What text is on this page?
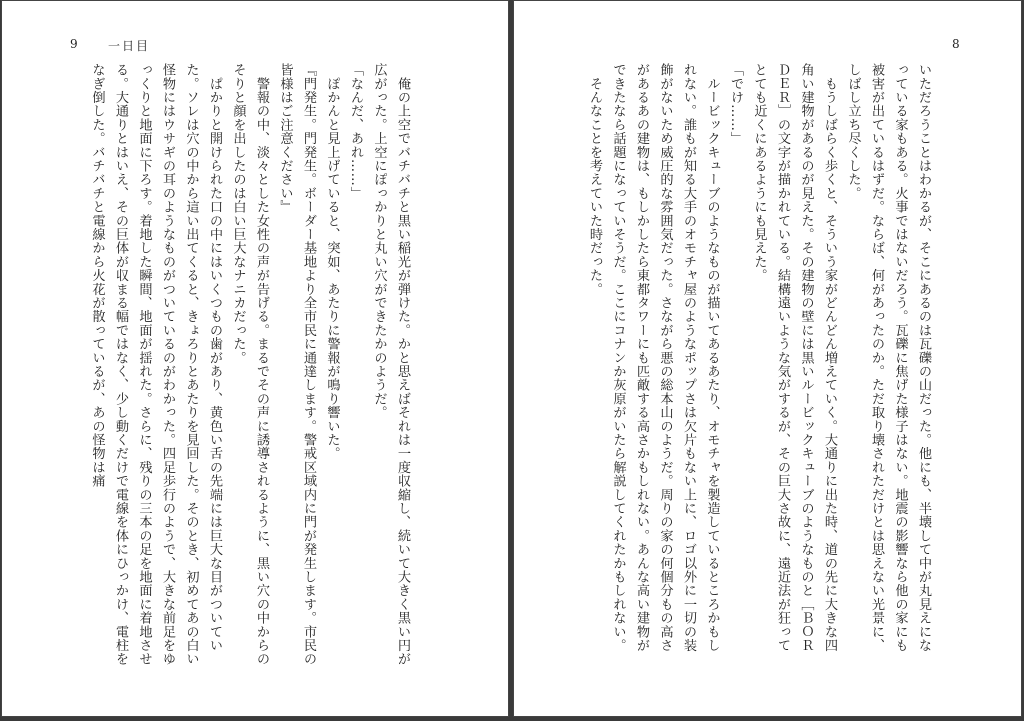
8

いただろうことはわかるが、そこにあるのは瓦礫の山だった。他にも、半壊して中が丸見えになっている家もある。火事ではないだろう。瓦礫に焦げた様子はない。地震の影響なら他の家にも被害が出ているはずだ。ならば、何があったのか。ただ取り壊されただけとは思えない光景に、しばし立ち尽くした。

　もうしばらく歩くと、そういう家がどんどん増えていく。大通りに出た時、道の先に大きな四角い建物があるのが見えた。その建物の壁には黒いルービックキューブのようなものと［ＢＯＲＤＥＲ］の文字が描かれている。結構遠いような気がするが、その巨大さ故に、遠近法が狂ってとても近くにあるようにも見えた。

「でけ……」

　ルービックキューブのようなものが描いてあるあたり、オモチャを製造しているところかもしれない。誰もが知る大手のオモチャ屋のようなポップさは欠片もない上に、ロゴ以外に一切の装飾がないため威圧的な雰囲気だった。さながら悪の総本山のようだ。周りの家の何個分もの高さがあるあの建物は、もしかしたら東都タワーにも匹敵する高さかもしれない。あんな高い建物ができたなら話題になっていそうだ。ここにコナンか灰原がいたら解説してくれたかもしれない。

　そんなことを考えていた時だった。

9	一日目

　俺の上空でバチバチと黒い稲光が弾けた。かと思えばそれは一度収縮し、続いて大きく黒い円が広がった。上空にぽっかりと丸い穴ができたかのようだ。

「なんだ、あれ……」

　ぽかんと見上げていると、突如、あたりに警報が鳴り響いた。

『門発生。門発生。ボーダー基地より全市民に通達します。警戒区域内に門が発生します。市民の皆様はご注意ください』

　警報の中、淡々とした女性の声が告げる。まるでその声に誘導されるように、黒い穴の中からのそりと顔を出したのは白い巨大なナニカだった。

　ぱかりと開けられた口の中にはいくつもの歯があり、黄色い舌の先端には巨大な目がついていた。ソレは穴の中から這い出てくると、きょろりとあたりを見回した。そのとき、初めてあの白い怪物にはウサギの耳のようなものがついているのがわかった。四足歩行のようで、大きな前足をゆっくりと地面に下ろす。着地した瞬間、地面が揺れた。さらに、残りの三本の足を地面に着地させる。大通りとはいえ、その巨体が収まる幅ではなく、少し動くだけで電線を体にひっかけ、電柱をなぎ倒した。バチバチと電線から火花が散っているが、あの怪物は痛
